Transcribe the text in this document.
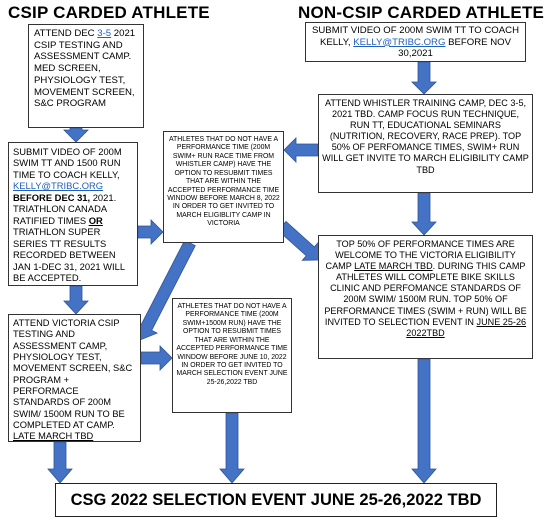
CSIP CARDED ATHLETE	NON-CSIP CARDED ATHLETE
ATTEND DEC 3-5 2021 CSIP TESTING AND ASSESSMENT CAMP. MED SCREEN, PHYSIOLOGY TEST, MOVEMENT SCREEN, S&C PROGRAM
SUBMIT VIDEO OF 200M SWIM TT TO COACH KELLY, KELLY@TRIBC.ORG BEFORE NOV 30,2021
ATTEND WHISTLER TRAINING CAMP, DEC 3-5, 2021 TBD. CAMP FOCUS RUN TECHNIQUE, RUN TT, EDUCATIONAL SEMINARS (NUTRITION, RECOVERY, RACE PREP). TOP 50% OF PERFOMANCE TIMES, SWIM+ RUN WILL GET INVITE TO MARCH ELIGIBILITY CAMP TBD
SUBMIT VIDEO OF 200M SWIM TT AND 1500 RUN TIME TO COACH KELLY, KELLY@TRIBC.ORG BEFORE DEC 31, 2021. TRIATHLON CANADA RATIFIED TIMES OR TRIATHLON SUPER SERIES TT RESULTS RECORDED BETWEEN JAN 1-DEC 31, 2021 WILL BE ACCEPTED.
ATHLETES THAT DO NOT HAVE A PERFORMANCE TIME (200M SWIM+ RUN RACE TIME FROM WHISTLER CAMP) HAVE THE OPTION TO RESUBMIT TIMES THAT ARE WITHIN THE ACCEPTED PERFORMANCE TIME WINDOW BEFORE MARCH 8, 2022 IN ORDER TO GET INVITED TO MARCH ELIGIBLITY CAMP IN VICTORIA
TOP 50% OF PERFORMANCE TIMES ARE WELCOME TO THE VICTORIA ELIGIBILITY CAMP LATE MARCH TBD. DURING THIS CAMP ATHLETES WILL COMPLETE BIKE SKILLS CLINIC AND PERFOMANCE STANDARDS OF 200M SWIM/ 1500M RUN. TOP 50% OF PERFORMANCE TIMES (SWIM + RUN) WILL BE INVITED TO SELECTION EVENT IN JUNE 25-26 2022TBD
ATTEND VICTORIA CSIP TESTING AND ASSESSMENT CAMP, PHYSIOLOGY TEST, MOVEMENT SCREEN, S&C PROGRAM + PERFORMACE STANDARDS OF 200M SWIM/ 1500M RUN TO BE COMPLETED AT CAMP. LATE MARCH TBD
ATHLETES THAT DO NOT HAVE A PERFORMANCE TIME (200M SWIM+1500M RUN) HAVE THE OPTION TO RESUBMIT TIMES THAT ARE WITHIN THE ACCEPTED PERFORMANCE TIME WINDOW BEFORE JUNE 10, 2022 IN ORDER TO GET INVITED TO MARCH SELECTION EVENT JUNE 25-26,2022 TBD
CSG 2022 SELECTION EVENT JUNE 25-26,2022 TBD
